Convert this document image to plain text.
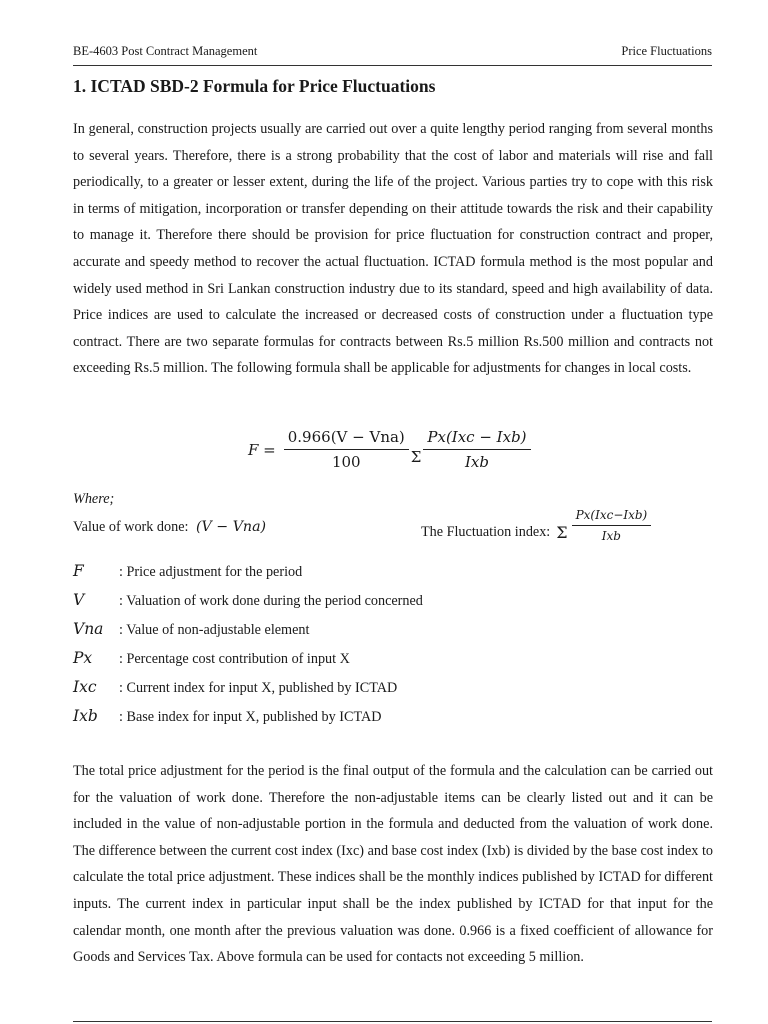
BE-4603 Post Contract Management	Price Fluctuations
1. ICTAD SBD-2 Formula for Price Fluctuations

In general, construction projects usually are carried out over a quite lengthy period ranging from several months to several years. Therefore, there is a strong probability that the cost of labor and materials will rise and fall periodically, to a greater or lesser extent, during the life of the project. Various parties try to cope with this risk in terms of mitigation, incorporation or transfer depending on their attitude towards the risk and their capability to manage it. Therefore there should be provision for price fluctuation for construction contract and proper, accurate and speedy method to recover the actual fluctuation. ICTAD formula method is the most popular and widely used method in Sri Lankan construction industry due to its standard, speed and high availability of data. Price indices are used to calculate the increased or decreased costs of construction under a fluctuation type contract. There are two separate formulas for contracts between Rs.5 million Rs.500 million and contracts not exceeding Rs.5 million. The following formula shall be applicable for adjustments for changes in local costs.

$F = \frac{\text{0.966(V − Vna)}}{100}$ Σ $\frac{\text{Px(Ixc − Ixb)}}{\text{Ixb}}$
Where;
Value of work done: (V − Vna)	The Fluctuation index: Σ $\frac{\text{Px(Ixc−Ixb)}}{\text{Ixb}}$
F	: Price adjustment for the period
V	: Valuation of work done during the period concerned
Vna	: Value of non-adjustable element
Px	: Percentage cost contribution of input X
Ixc	: Current index for input X, published by ICTAD
Ixb	: Base index for input X, published by ICTAD

The total price adjustment for the period is the final output of the formula and the calculation can be carried out for the valuation of work done. Therefore the non-adjustable items can be clearly listed out and it can be included in the value of non-adjustable portion in the formula and deducted from the valuation of work done. The difference between the current cost index (Ixc) and base cost index (Ixb) is divided by the base cost index to calculate the total price adjustment. These indices shall be the monthly indices published by ICTAD for different inputs. The current index in particular input shall be the index published by ICTAD for that input for the calendar month, one month after the previous valuation was done. 0.966 is a fixed coefficient of allowance for Goods and Services Tax. Above formula can be used for contacts not exceeding 5 million.
